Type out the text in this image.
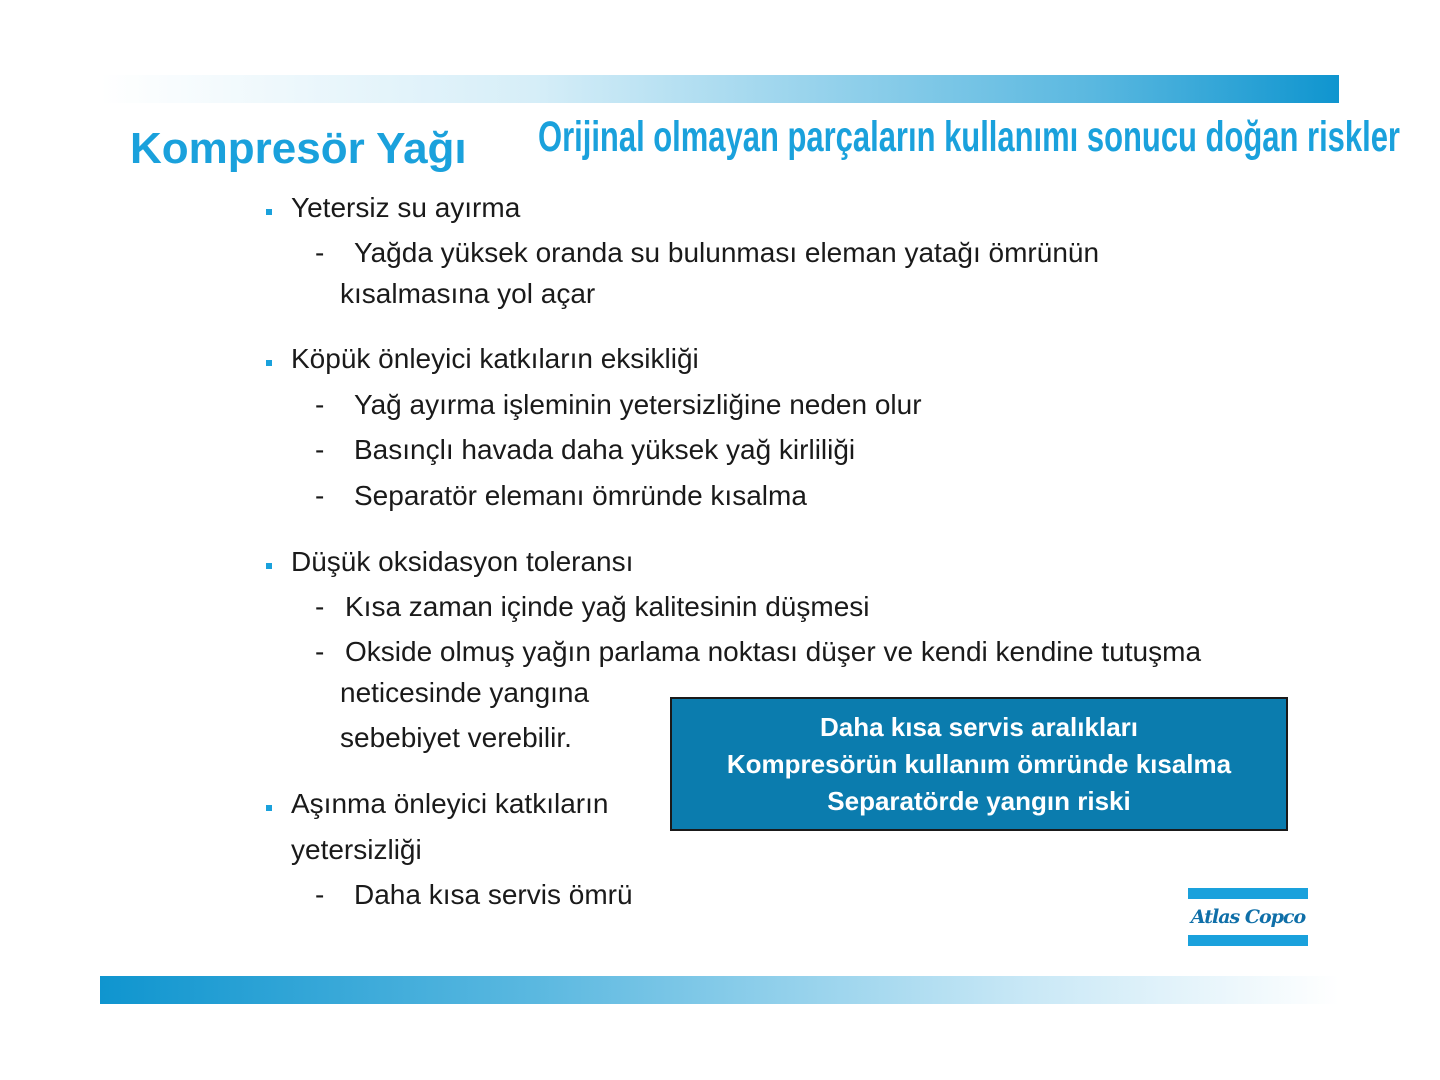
Kompresör Yağı Orijinal olmayan parçaların kullanımı sonucu doğan riskler
Yetersiz su ayırma
- Yağda yüksek oranda su bulunması eleman yatağı ömrünün
kısalmasına yol açar
Köpük önleyici katkıların eksikliği
- Yağ ayırma işleminin yetersizliğine neden olur
- Basınçlı havada daha yüksek yağ kirliliği
- Separatör elemanı ömründe kısalma
Düşük oksidasyon toleransı
- Kısa zaman içinde yağ kalitesinin düşmesi
- Okside olmuş yağın parlama noktası düşer ve kendi kendine tutuşma
neticesinde yangına
sebebiyet verebilir.
Aşınma önleyici katkıların
yetersizliği
- Daha kısa servis ömrü
Daha kısa servis aralıkları
Kompresörün kullanım ömründe kısalma
Separatörde yangın riski
Atlas Copco
